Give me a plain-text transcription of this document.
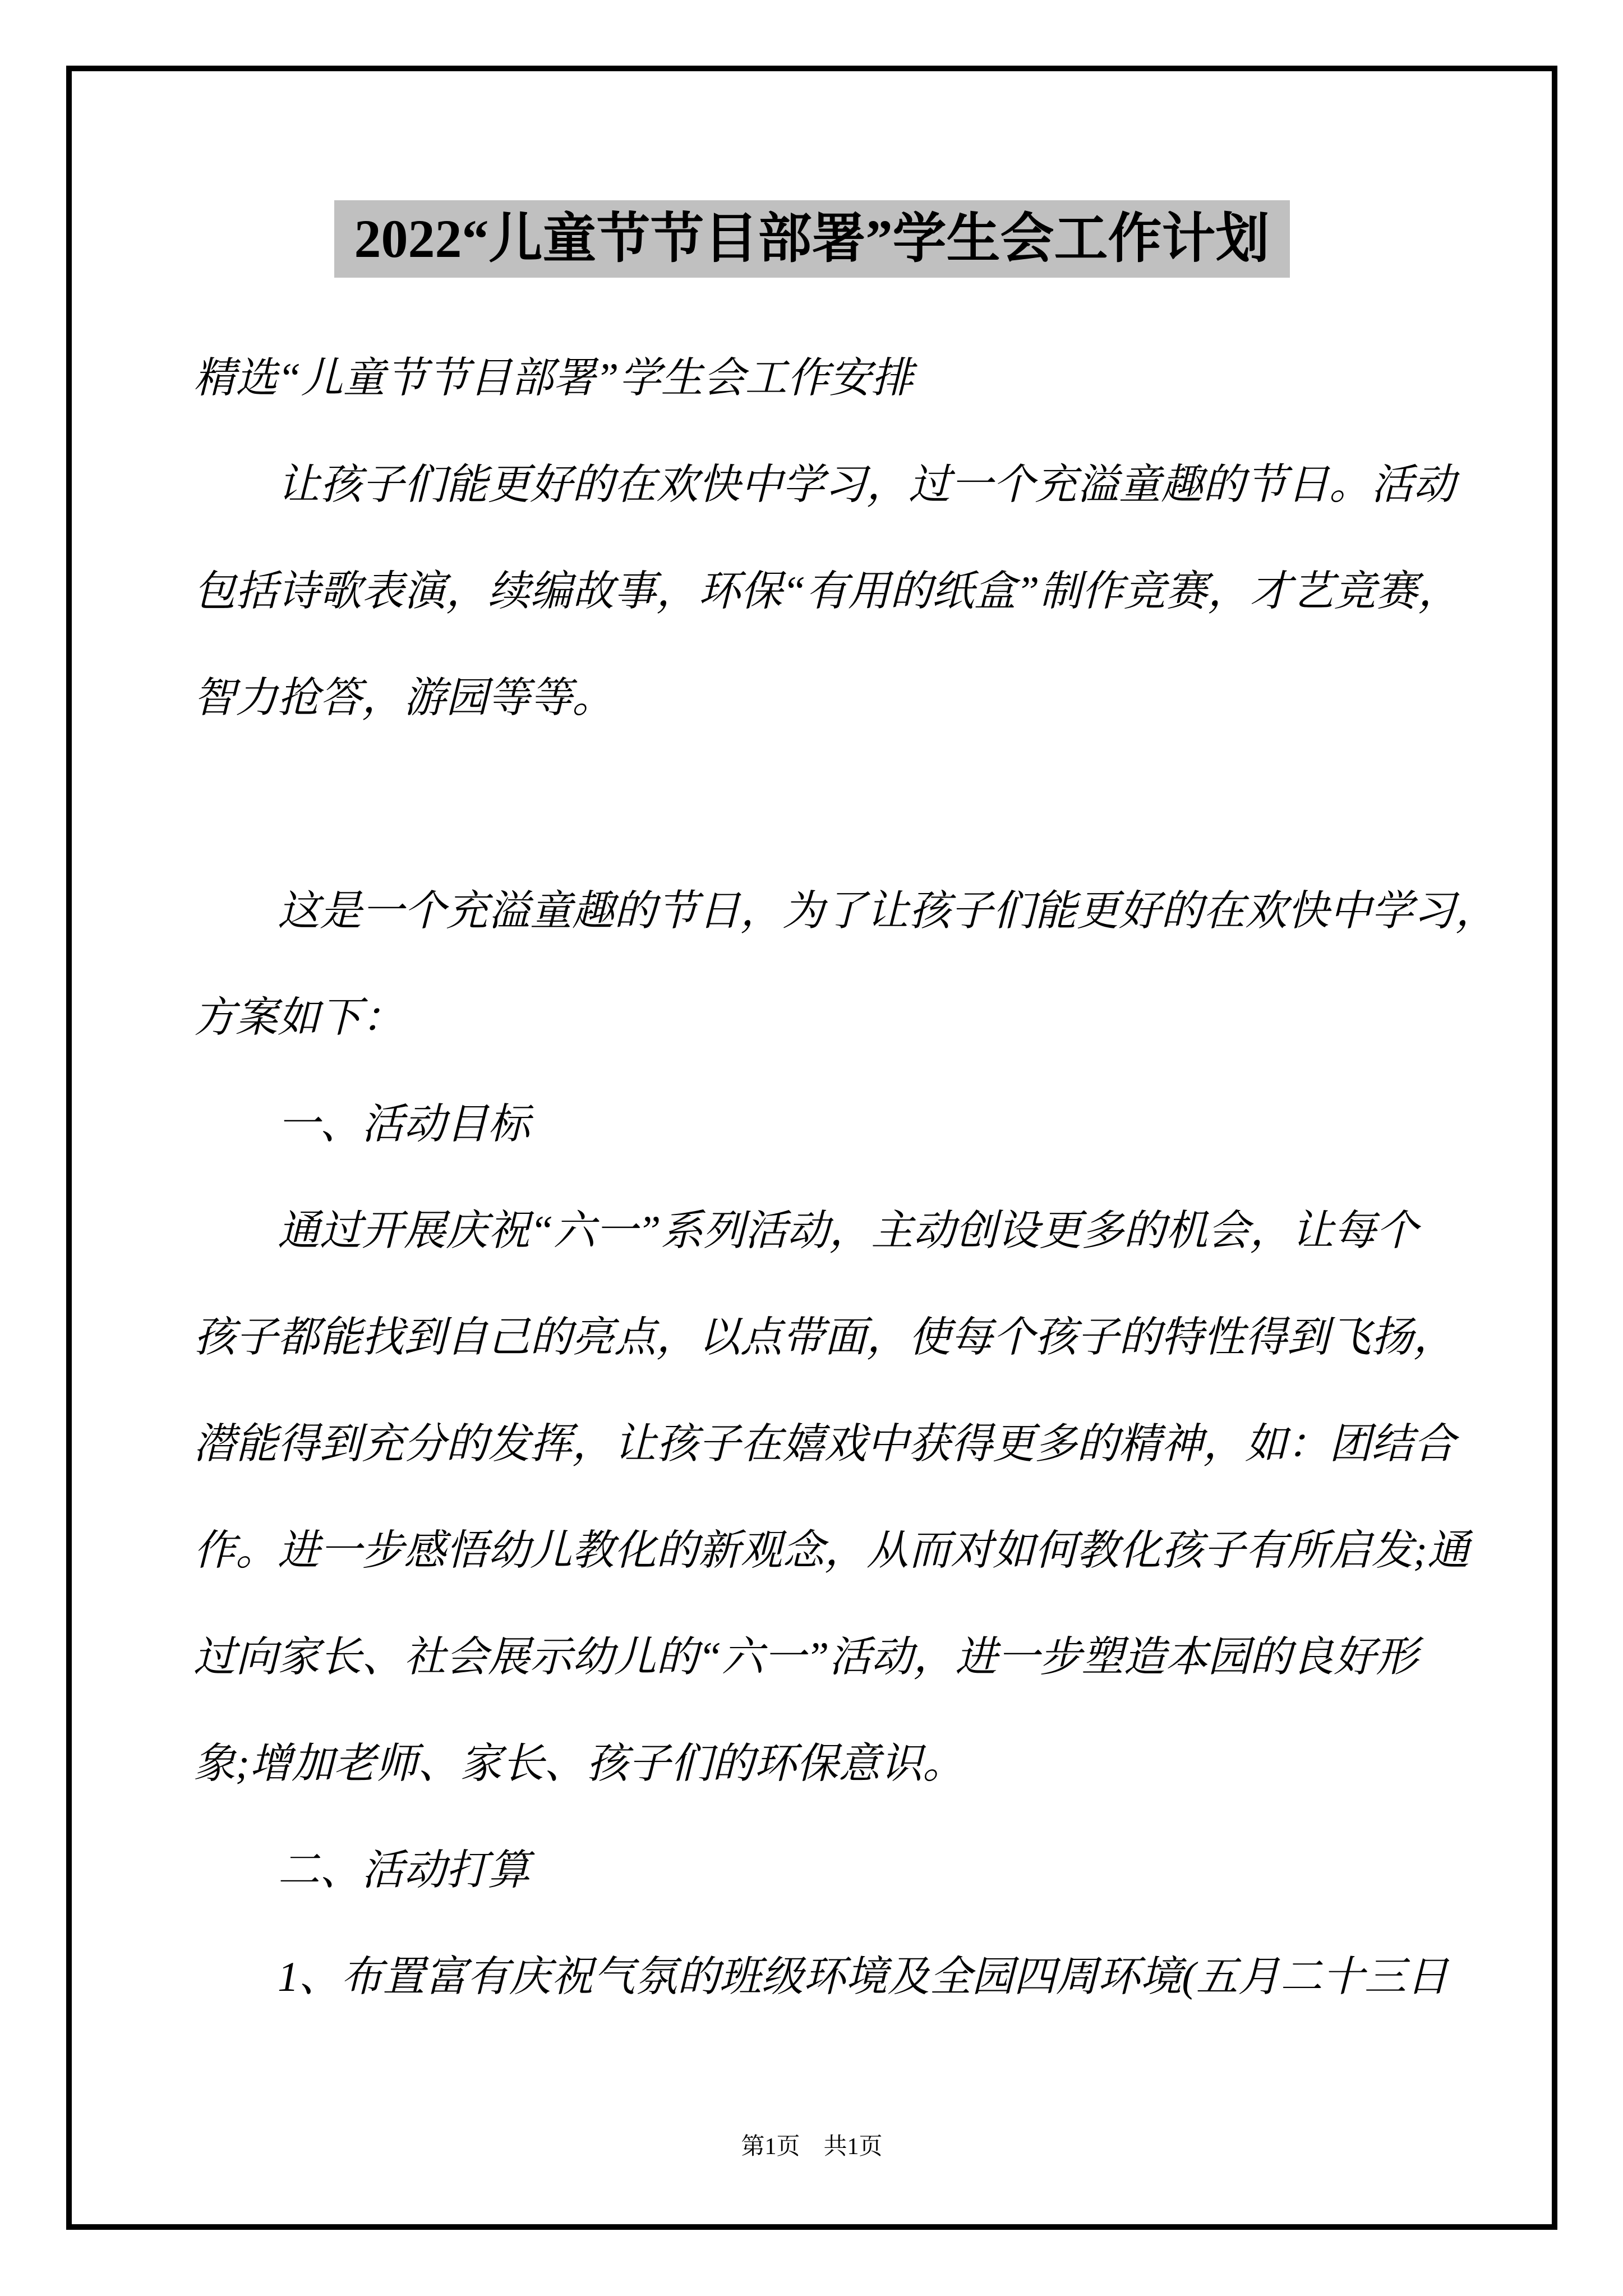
2022“儿童节节目部署”学生会工作计划
精选“儿童节节目部署”学生会工作安排
　　让孩子们能更好的在欢快中学习，过一个充溢童趣的节日。活动
包括诗歌表演，续编故事，环保“有用的纸盒”制作竞赛，才艺竞赛，
智力抢答，游园等等。
　　这是一个充溢童趣的节日，为了让孩子们能更好的在欢快中学习，
方案如下：
　　一、活动目标
　　通过开展庆祝“六一”系列活动，主动创设更多的机会，让每个
孩子都能找到自己的亮点，以点带面，使每个孩子的特性得到飞扬，
潜能得到充分的发挥，让孩子在嬉戏中获得更多的精神，如：团结合
作。进一步感悟幼儿教化的新观念，从而对如何教化孩子有所启发;通
过向家长、社会展示幼儿的“六一”活动，进一步塑造本园的良好形
象;增加老师、家长、孩子们的环保意识。
　　二、活动打算
　　1、布置富有庆祝气氛的班级环境及全园四周环境(五月二十三日
第1页　共1页
